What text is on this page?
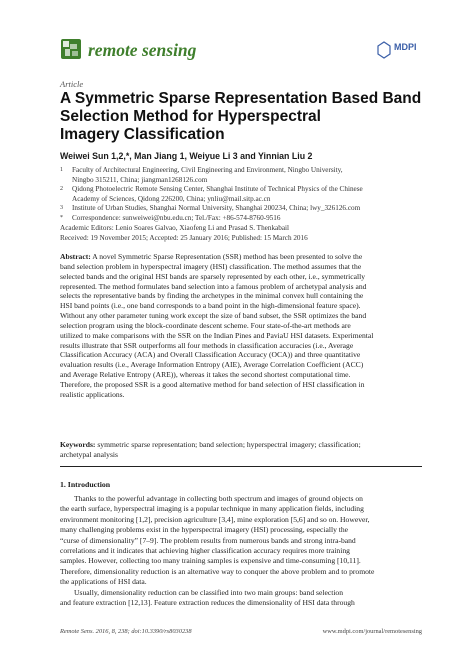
remote sensing	MDPI
Article
A Symmetric Sparse Representation Based Band
Selection Method for Hyperspectral
Imagery Classification
Weiwei Sun 1,2,*, Man Jiang 1, Weiyue Li 3 and Yinnian Liu 2
1 Faculty of Architectural Engineering, Civil Engineering and Environment, Ningbo University,
Ningbo 315211, China; jiangman1268126.com
2 Qidong Photoelectric Remote Sensing Center, Shanghai Institute of Technical Physics of the Chinese
Academy of Sciences, Qidong 226200, China; ynliu@mail.sitp.ac.cn
3 Institute of Urban Studies, Shanghai Normal University, Shanghai 200234, China; lwy_326126.com
* Correspondence: sunweiwei@nbu.edu.cn; Tel./Fax: +86-574-8760-9516
Academic Editors: Lenio Soares Galvao, Xiaofeng Li and Prasad S. Thenkabail
Received: 19 November 2015; Accepted: 25 January 2016; Published: 15 March 2016
Abstract: A novel Symmetric Sparse Representation (SSR) method has been presented to solve the
band selection problem in hyperspectral imagery (HSI) classification. The method assumes that the
selected bands and the original HSI bands are sparsely represented by each other, i.e., symmetrically
represented. The method formulates band selection into a famous problem of archetypal analysis and
selects the representative bands by finding the archetypes in the minimal convex hull containing the
HSI band points (i.e., one band corresponds to a band point in the high-dimensional feature space).
Without any other parameter tuning work except the size of band subset, the SSR optimizes the band
selection program using the block-coordinate descent scheme. Four state-of-the-art methods are
utilized to make comparisons with the SSR on the Indian Pines and PaviaU HSI datasets. Experimental
results illustrate that SSR outperforms all four methods in classification accuracies (i.e., Average
Classification Accuracy (ACA) and Overall Classification Accuracy (OCA)) and three quantitative
evaluation results (i.e., Average Information Entropy (AIE), Average Correlation Coefficient (ACC)
and Average Relative Entropy (ARE)), whereas it takes the second shortest computational time.
Therefore, the proposed SSR is a good alternative method for band selection of HSI classification in
realistic applications.
Keywords: symmetric sparse representation; band selection; hyperspectral imagery; classification;
archetypal analysis
1. Introduction
Thanks to the powerful advantage in collecting both spectrum and images of ground objects on
the earth surface, hyperspectral imaging is a popular technique in many application fields, including
environment monitoring [1,2], precision agriculture [3,4], mine exploration [5,6] and so on. However,
many challenging problems exist in the hyperspectral imagery (HSI) processing, especially the
“curse of dimensionality” [7–9]. The problem results from numerous bands and strong intra-band
correlations and it indicates that achieving higher classification accuracy requires more training
samples. However, collecting too many training samples is expensive and time-consuming [10,11].
Therefore, dimensionality reduction is an alternative way to conquer the above problem and to promote
the applications of HSI data.
Usually, dimensionality reduction can be classified into two main groups: band selection
and feature extraction [12,13]. Feature extraction reduces the dimensionality of HSI data through
Remote Sens. 2016, 8, 238; doi:10.3390/rs8030238	www.mdpi.com/journal/remotesensing
